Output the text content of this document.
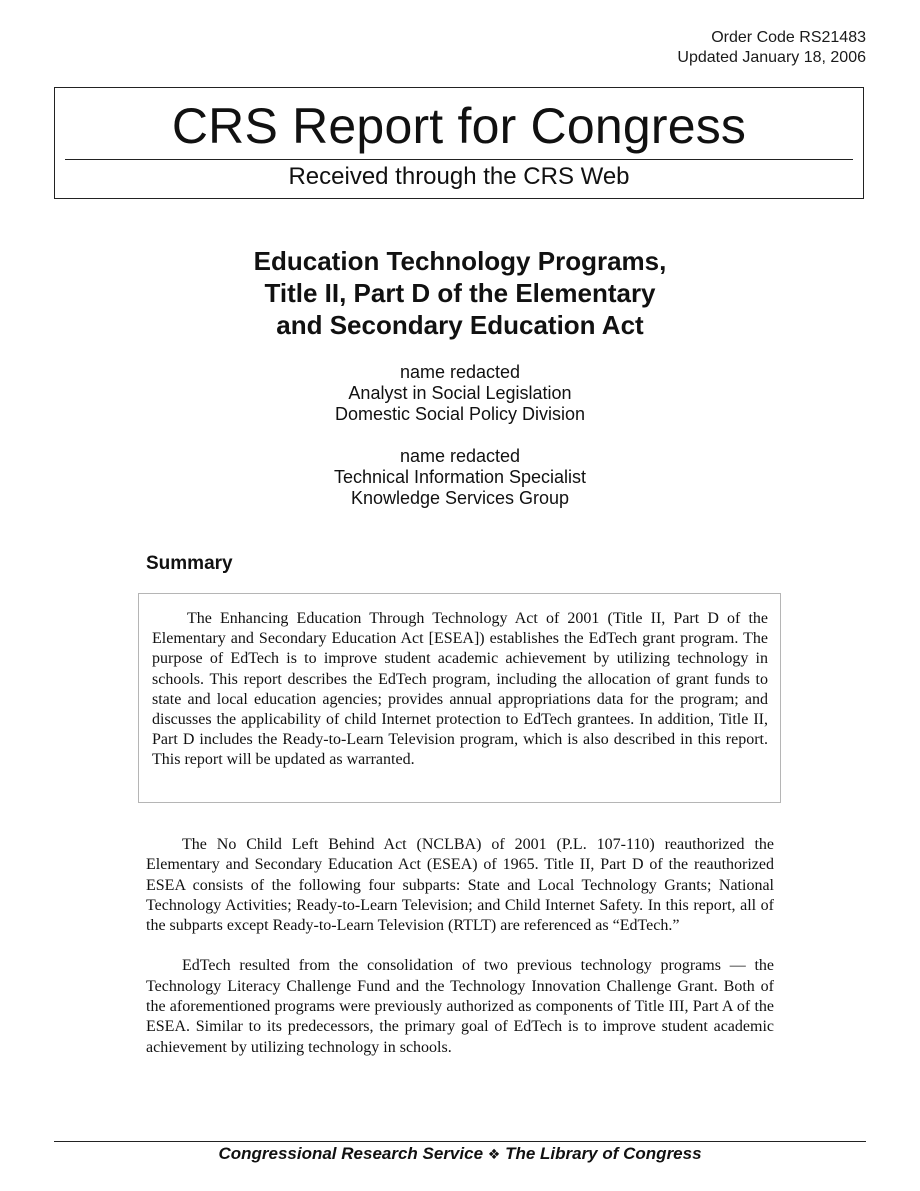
Order Code RS21483
Updated January 18, 2006
CRS Report for Congress
Received through the CRS Web
Education Technology Programs,
Title II, Part D of the Elementary
and Secondary Education Act
name redacted
Analyst in Social Legislation
Domestic Social Policy Division
name redacted
Technical Information Specialist
Knowledge Services Group
Summary

The Enhancing Education Through Technology Act of 2001 (Title II, Part D of the Elementary and Secondary Education Act [ESEA]) establishes the EdTech grant program. The purpose of EdTech is to improve student academic achievement by utilizing technology in schools. This report describes the EdTech program, including the allocation of grant funds to state and local education agencies; provides annual appropriations data for the program; and discusses the applicability of child Internet protection to EdTech grantees. In addition, Title II, Part D includes the Ready-to-Learn Television program, which is also described in this report. This report will be updated as warranted.

The No Child Left Behind Act (NCLBA) of 2001 (P.L. 107-110) reauthorized the Elementary and Secondary Education Act (ESEA) of 1965. Title II, Part D of the reauthorized ESEA consists of the following four subparts: State and Local Technology Grants; National Technology Activities; Ready-to-Learn Television; and Child Internet Safety. In this report, all of the subparts except Ready-to-Learn Television (RTLT) are referenced as “EdTech.”

EdTech resulted from the consolidation of two previous technology programs — the Technology Literacy Challenge Fund and the Technology Innovation Challenge Grant. Both of the aforementioned programs were previously authorized as components of Title III, Part A of the ESEA. Similar to its predecessors, the primary goal of EdTech is to improve student academic achievement by utilizing technology in schools.

Congressional Research Service ❖ The Library of Congress
